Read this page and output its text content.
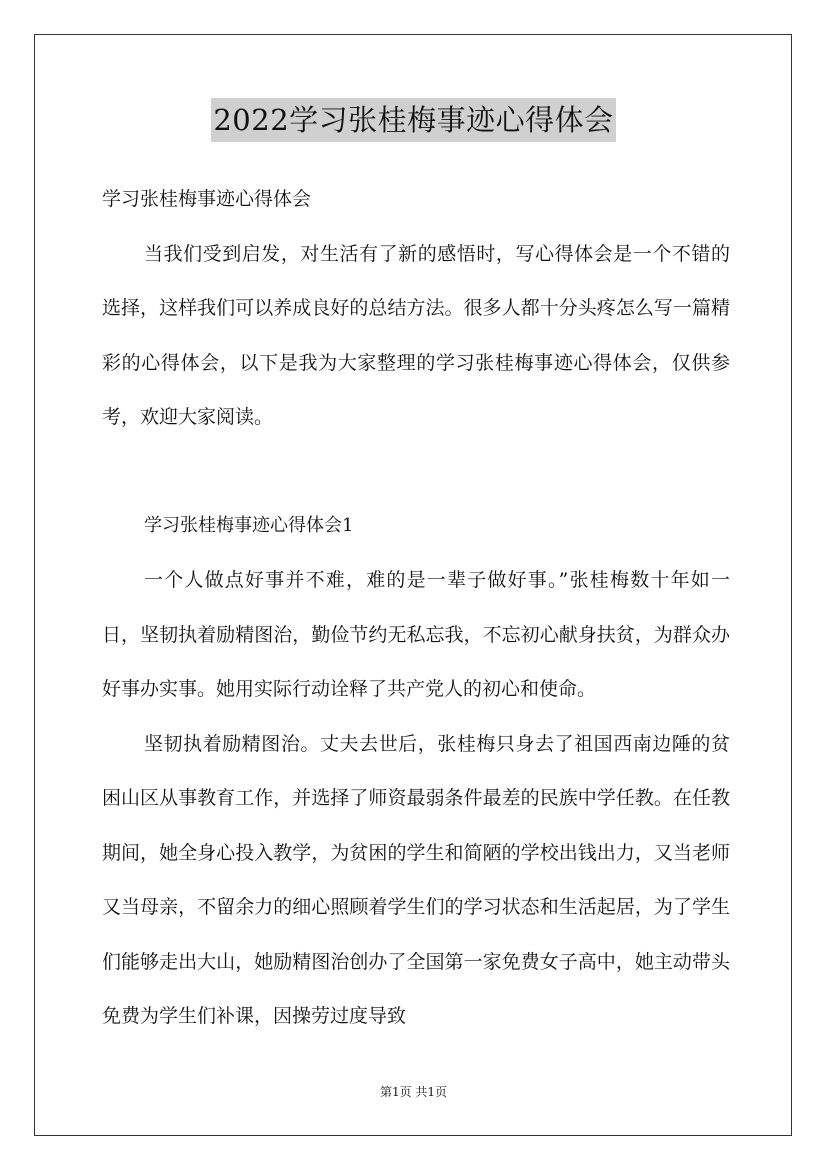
2022学习张桂梅事迹心得体会

学习张桂梅事迹心得体会

当我们受到启发，对生活有了新的感悟时，写心得体会是一个不错的选择，这样我们可以养成良好的总结方法。很多人都十分头疼怎么写一篇精彩的心得体会，以下是我为大家整理的学习张桂梅事迹心得体会，仅供参考，欢迎大家阅读。

学习张桂梅事迹心得体会1

一个人做点好事并不难，难的是一辈子做好事。”张桂梅数十年如一日，坚韧执着励精图治，勤俭节约无私忘我，不忘初心献身扶贫，为群众办好事办实事。她用实际行动诠释了共产党人的初心和使命。

坚韧执着励精图治。丈夫去世后，张桂梅只身去了祖国西南边陲的贫困山区从事教育工作，并选择了师资最弱条件最差的民族中学任教。在任教期间，她全身心投入教学，为贫困的学生和简陋的学校出钱出力，又当老师又当母亲，不留余力的细心照顾着学生们的学习状态和生活起居，为了学生们能够走出大山，她励精图治创办了全国第一家免费女子高中，她主动带头免费为学生们补课，因操劳过度导致

第1页 共1页
